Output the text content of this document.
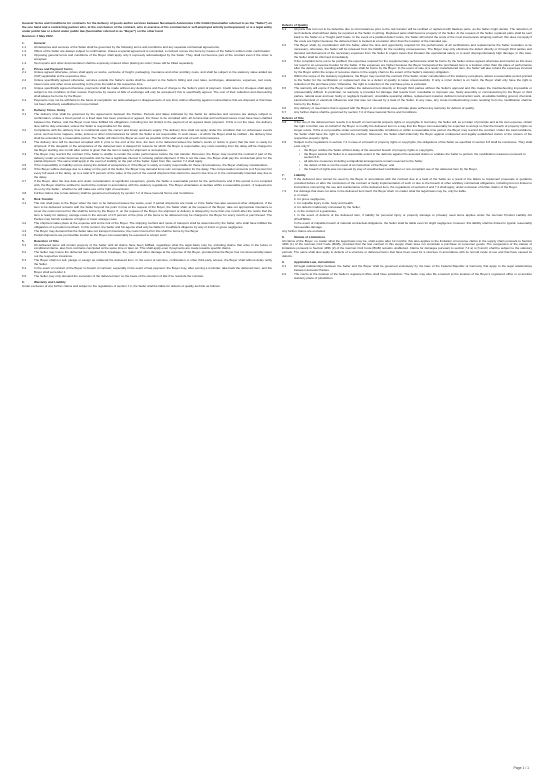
General Terms and Conditions for contracts for the delivery of goods and/or services between Nussbaum Automotive Lifts GmbH (hereinafter referred to as the "Seller") on the one hand and a contracting partner who, at the conclusion of the contract, acts in exercise of his commercial or self-employed activity (entrepreneur) or is a legal entity under public law or a fund under public law (hereinafter referred to as "Buyer") on the other hand

Revision: 1 May 2022

1.	General
1.1	All deliveries and services of the Seller shall be governed by the following terms and conditions and any separate contractual agreements.
1.2	Offers of the Seller are always subject to confirmation. Unless a special agreement is concluded, a contract comes into force by means of the Seller's written order confirmation.
1.3	Opposing general terms and conditions of the Buyer shall apply only if expressly acknowledged by the Seller. They shall not become part of the contract even if the order is accepted.
1.4	Test reports and other documentation shall be expressly ordered when placing an order; these will be billed separately.
2.	Prices and Payment Terms
2.1	Unless agreed otherwise, prices shall apply ex works, exclusive of freight, packaging, insurance and other ancillary costs, and shall be subject to the statutory value added tax (VAT) applicable at the respective time.
2.2	Unless specifically agreed otherwise, services outside the Seller's works shall be subject to the Seller's billing and cost rates, surcharges, allowances, expenses, tool costs, travel costs and other costs according to the price list valid at the respective time.
2.3	Unless specifically agreed otherwise, payments shall be made without any deductions and free of charge to the Seller's point of payment. Credit notes for cheques shall apply subject to the condition of their receipt. Payments by means of bills of exchange will only be accepted if this is specifically agreed. The cost of their collection and discounting shall always be borne by the Buyer.
2.4	Payments may not be withheld on the basis of complaints not acknowledged or disagreements of any kind, and/or offsetting against counterclaims that are disputed or that have not been effectively established is not permitted.
3.	Delivery Times, Delay
3.1	The delivery time shall be governed by the agreements between the Parties. Periods and dates indicated by the Seller for deliveries and services are always subject to confirmation, unless a fixed period or a fixed date has been promised or agreed. For these to be complied with, all commercial and technical issues must have been clarified between the Parties, and the Buyer must have fulfilled his obligations, including but not limited to the payment of an agreed down payment. If this is not the case, the delivery time will be duly extended, unless the Seller is responsible for the delay.
3.2	Compliance with the delivery time is conditional upon the correct and timely upstream supply. The delivery time shall not apply under the condition that no unforeseen events occur, such as force majeure, strike, lockout or other circumstances for which the Seller is not responsible. In such cases - of which the Buyer shall be notified - the delivery time shall be extended by a reasonable period. The Seller will inform the Buyer as soon as possible of the start and end of such circumstances.
3.3	The delivery time will be deemed complied with if, prior to the end of the time, the item to be delivered leaves the Seller's works or notice is given that the item is ready for shipment. If the despatch or the acceptance of the delivered item is delayed for reasons for which the Buyer is responsible, any costs resulting from the delay will be charged to the Buyer starting one month after notice is given that the item is ready for shipment or acceptance.
3.4	The Buyer may rescind the contract if the Seller is unable to render the entire performance before the risk transfer. Moreover, the Buyer may rescind the contract if part of the delivery under an order becomes impossible and he has a legitimate interest in refusing partial shipment. If this is not the case, the Buyer shall pay the contractual price for the partial shipment. The same shall apply in the event of inability on the part of the Seller. Apart from this, section 7.2 shall apply.
3.5	If the impossibility or inability occurs during the default of acceptance or if the Buyer is solely or mainly responsible for these circumstances, the Buyer shall pay consideration.
3.6	If the Buyer suffers damage due to a delay on the part of the Seller, the Buyer may demand lump sum compensation for the delay. This compensation amounts to 0.5 percent for every full week of the delay, up to a total of 5 percent of the value of the part of the overall shipment that cannot be used in due time or in the contractually intended way due to the delay.
3.7	If the Buyer, after the due date and under consideration of significant exceptions, grants the Seller a reasonable period for the performance and if this period is not complied with, the Buyer shall be entitled to rescind the contract in accordance with the statutory regulations. The Buyer undertakes to declare within a reasonable period - if requested to do so by the Seller - whether he will make use of his right of rescission.
3.8	Further claims due to late delivery shall be governed exclusively by section 7.2 of these General Terms and Conditions.
4.	Risk Transfer
4.1	The risk shall pass to the Buyer when the item to be delivered leaves the works, even if partial shipments are made or if the Seller has also assumed other obligations. If the item to be delivered remains with the Seller beyond the point in time at the request of the Buyer, the Seller shall, at the request of the Buyer, take out appropriate insurance to cover the costs incurred for this shall be borne by the Buyer. If, on the request of the Buyer, the shipment or delivery is delayed by more than one month after the notice that the item is ready for delivery, storage costs in the amount of 0.5 percent of the price of the items to be delivered may be charged to the Buyer for every month or part thereof. The Parties may furnish evidence of higher or lower storage costs.
4.2	The shipment takes place at the expense and at the risk of the Buyer. The shipping method and mode of transport shall be determined by the Seller, who shall have fulfilled the obligations of a prudent merchant. In this context, the Seller and his agents shall only be liable for insufficient diligence by way of intent or gross negligence.
4.3	The Buyer may demand that the Seller take out transport insurance; the costs incurred for this shall be borne by the Buyer.
4.4	Partial shipments are permissible insofar as the Buyer can reasonably be expected to accept such.
5.	Retention of Title
5.1	All delivered items will remain property of the Seller until all claims have been fulfilled, regardless what the legal basis may be, including claims that arise in the future or conditional claims, also from contracts concluded at the same time or later on. This shall apply even if payments are made towards specific claims.
5.2	The Seller may insure the delivered item against theft, breakage, fire, water and other damage at the expense of the Buyer, provided that the Buyer has not demonstrably taken out the respective insurance.
5.3	The Buyer shall not sell, pledge or assign as collateral the delivered item. In the event of seizures, confiscation or other third-party access, the Buyer shall without delay notify the Seller.
5.4	In the event of conduct of the Buyer in breach of contract, especially in the event of late payment, the Buyer may, after serving a reminder, take back the delivered item, and the Buyer shall surrender it.
5.5	The Seller may only demand the surrender of the delivered item on the basis of the retention of title if he rescinds the contract.
6.	Warranty and Liability

Under exclusion of any further claims and subject to the regulations of section 7.2, the Seller shall be liable for defects of quality and title as follows:

Defects of Quality
6.1	All parts that turn out to be defective due to circumstances prior to the risk transfer will be rectified or replaced with flawless parts, as the Seller might decide. The detection of such defects shall without delay be reported to the Seller in writing. Replaced parts shall become property of the Seller. At the request of the Seller, replaced parts shall be sent back to the Seller on a "freight paid" basis. In the event of a justified defect notice, the Seller will refund the costs of the most inexpensive shipping method; this does not apply if the costs are higher because the delivered item is located at a location other than the location of the intended use.
6.2	The Buyer shall, by coordination with the Seller, allow the time and opportunity required for the performance of all rectifications and replacements the Seller considers to be necessary; otherwise, the Seller will be released from the liability for the resulting consequences. The Buyer may only eliminate the defect directly or through third parties and demand reimbursement of the necessary expenses from the Seller in urgent cases that threaten the operational safety or to avert disproportionately high damage; in this case, the Seller shall be informed immediately.
6.3	If the complaint turns out to be justified, the expenses required for the supplementary performance shall be borne by the Seller unless agreed otherwise and insofar as this does not result in an excessive burden for the Seller. If the expenses are higher because the Buyer transported the purchased item to a location other than the place of performance after the delivery, any resulting additional costs shall be borne by the Buyer. In the event of sale of a newly manufactured item, the Seller will also refund the expenses incurred by the Buyer within the scope of recourse claims in the supply chain to the extent of the Seller's statutory obligation.
6.4	Within the scope of the statutory regulations, the Buyer may rescind the contract if the Seller, under consideration of the statutory exceptions, allows a reasonable period granted to the Seller for the rectification or replacement due to a defect of quality to lapse unsuccessfully. If only a minor defect is on hand, the Buyer shall only have the right to reduction of the purchase price. Otherwise, the right to reduction of the purchase price is excluded.
6.5	The warranty will expire if the Buyer modifies the delivered item directly or through third parties without the Seller's approval and this makes the troubleshooting impossible or unreasonably difficult. In particular, no warranty is provided for damage that results from: unsuitable or improper use, faulty assembly or commissioning by the Buyer or third parties, natural wear and tear, faulty or negligent treatment, unsuitable operating utilities, replacement material, deficient construction work, unsuitable building ground, chemical, electrochemical or electrical influences and that was not caused by a fault of the Seller. In any case, any crude troubleshooting costs resulting from the modification shall be borne by the Buyer.
6.6	Any delivery of used items that is agreed with the Buyer in an individual case will take place without any warranty for defects of quality.
6.7	Any further claims shall be governed by section 7.2 of these General Terms and Conditions.
Defects of Title
6.8	If the use of the delivered item results in a breach of commercial property rights or copyrights in Germany, the Seller will, as a matter of principle and at his own expense, obtain the right to further use on behalf of the Buyer or modify the delivered item in a way that the Buyer can reasonably be expected to accept so that the breach of property rights no longer exists. If this is not possible under economically reasonable conditions or within a reasonable time period, the Buyer may rescind the contract. Under the said conditions, the Seller shall have the right to rescind the contract. Moreover, the Seller shall indemnify the Buyer against undisputed and legally established claims of the owners of the respective property rights.
6.9	Subject to the regulations in section 7.2 in case of a breach of property rights or copyrights, the obligations of the Seller as specified in section 6.8 shall be conclusive. They shall exist only if:
•	the Buyer notifies the Seller without delay of the asserted breach of property rights or copyrights,
•	the Buyer assists the Seller to a reasonable extent in the defence against the asserted claims or enables the Seller to perform the modification measures pursuant to section 6.8,
•	all defence measures including extrajudicial arrangements remain reserved to the Seller,
•	the defect of title is not the result of an instruction of the Buyer, and
•	the breach of rights was not caused by way of unauthorised modification or non-compliant use of the delivered item by the Buyer.
7.	Liability
7.1	If the delivered item cannot be used by the Buyer in accordance with the contract due to a fault of the Seller as a result of the failure to implement proposals or guidance provided before or after the conclusion of the contract or faulty implementation of such or due to the breach of other ancillary contractual obligations, including but not limited to instructions concerning the use and maintenance of the delivered item, the regulations of sections 6 and 7.2 shall apply, under exclusion of further claims of the Buyer.
7.2	For damage that does not arise in the delivered item itself, the Buyer shall, no matter what the legal basis may be, only be liable

a. in intent

b. for gross negligence,

c. for culpable injury to life, body and health,

d. for defects maliciously concealed by the Seller,

e. in the context of a guarantee,

f. in the event of defects of the delivered item, if liability for personal injury or property damage to privately used items applies under the German Product Liability Act (ProdHaftG).

In the event of culpable breach of material contractual obligations, the Seller shall be liable even for slight negligence; however, this liability shall be limited to typical, reasonably foreseeable damage.

Any further claims are excluded.

8.	Statute of Limitations

All claims of the Buyer, no matter what the legal basis may be, shall expire after 12 months; this also applies to the limitation of recourse claims in the supply chain pursuant to Section 445b (1) of the German Civil Code (BGB), provided that the last contract in this supply chain does not constitute a purchase of consumer goods. The suspension of the statute of limitations pursuant to Section 445b (2) of the German Civil Code (BGB) remains unaffected. Claims for damages pursuant to section 7.2 a) to f) and i) shall be subject to the statutory periods. The same shall also apply to defects of a structure or delivered items that have been used for a structure in accordance with its normal mode of use and that have caused its defects.

9.	Applicable Law, Jurisdiction
9.1	All legal relationships between the Seller and the Buyer shall be governed exclusively by the laws of the Federal Republic of Germany that apply to the legal relationships between domestic Parties.
9.2	The courts at the location of the Seller's registered office shall have jurisdiction. The Seller may also file a lawsuit at the location of the Buyer's registered office or at another statutory place of jurisdiction.
Page 1 / 1
